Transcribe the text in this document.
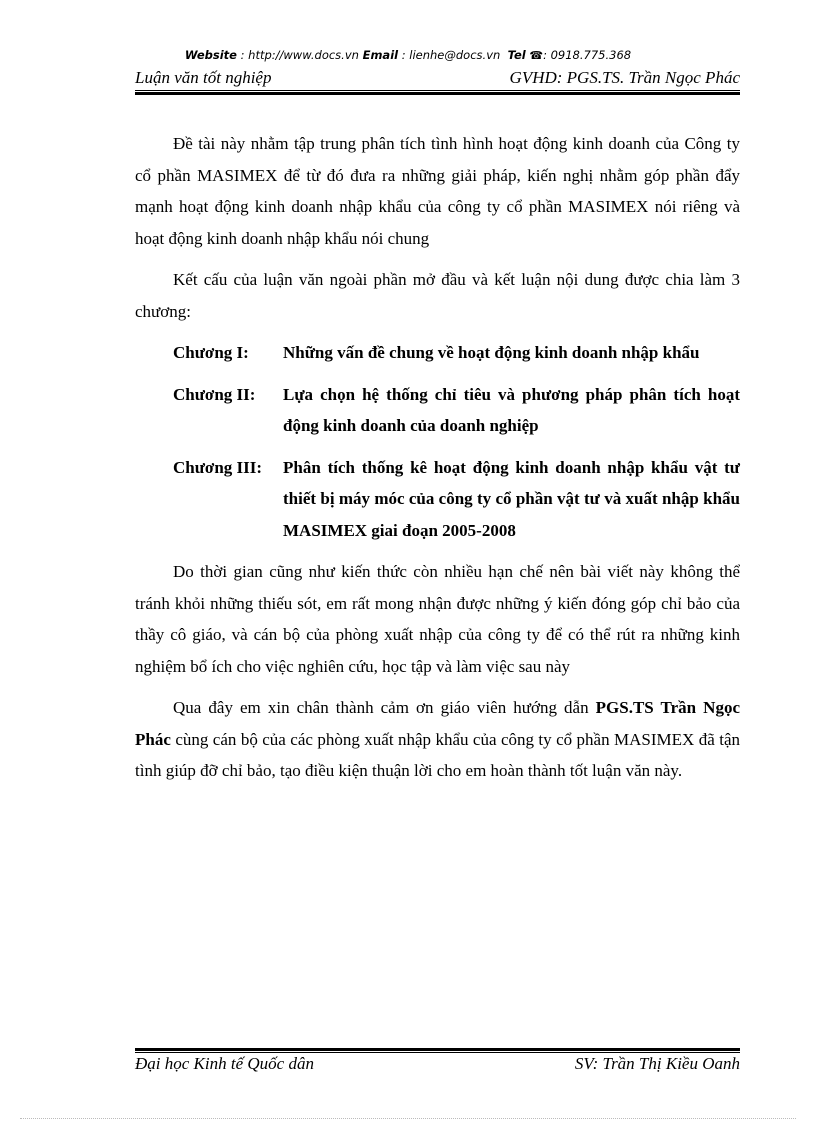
Website : http://www.docs.vn Email : lienhe@docs.vn Tel ☎: 0918.775.368
Luận văn tốt nghiệp	GVHD: PGS.TS. Trần Ngọc Phác

Đề tài này nhằm tập trung phân tích tình hình hoạt động kinh doanh của Công ty cổ phần MASIMEX để từ đó đưa ra những giải pháp, kiến nghị nhằm góp phần đẩy mạnh hoạt động kinh doanh nhập khẩu của công ty cổ phần MASIMEX nói riêng và hoạt động kinh doanh nhập khẩu nói chung

Kết cấu của luận văn ngoài phần mở đầu và kết luận nội dung được chia làm 3 chương:

Chương I:	Những vấn đề chung về hoạt động kinh doanh nhập khẩu
Chương II:	Lựa chọn hệ thống chỉ tiêu và phương pháp phân tích hoạt động kinh doanh của doanh nghiệp
Chương III:	Phân tích thống kê hoạt động kinh doanh nhập khẩu vật tư thiết bị máy móc của công ty cổ phần vật tư và xuất nhập khẩu MASIMEX giai đoạn 2005-2008

Do thời gian cũng như kiến thức còn nhiều hạn chế nên bài viết này không thể tránh khỏi những thiếu sót, em rất mong nhận được những ý kiến đóng góp chỉ bảo của thầy cô giáo, và cán bộ của phòng xuất nhập của công ty để có thể rút ra những kinh nghiệm bổ ích cho việc nghiên cứu, học tập và làm việc sau này

Qua đây em xin chân thành cảm ơn giáo viên hướng dẫn PGS.TS Trần Ngọc Phác cùng cán bộ của các phòng xuất nhập khẩu của công ty cổ phần MASIMEX đã tận tình giúp đỡ chỉ bảo, tạo điều kiện thuận lời cho em hoàn thành tốt luận văn này.

Đại học Kinh tế Quốc dân	SV: Trần Thị Kiều Oanh
